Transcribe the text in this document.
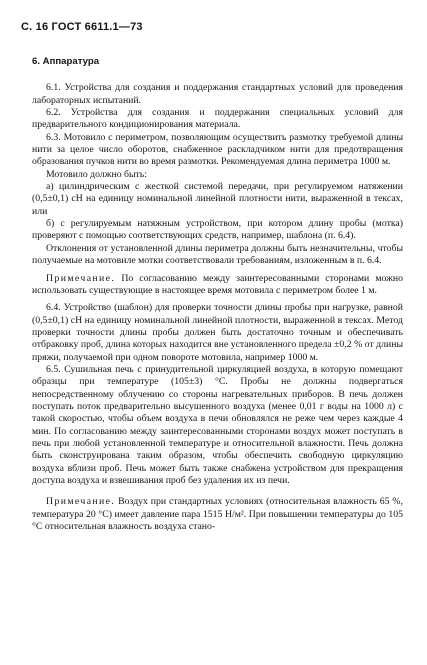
С. 16 ГОСТ 6611.1—73

6. Аппаратура

6.1. Устройства для создания и поддержания стандартных условий для проведения лабораторных испытаний.

6.2. Устройства для создания и поддержания специальных условий для предварительного кондиционирования материала.

6.3. Мотовило с периметром, позволяющим осуществить размотку требуемой длины нити за целое число оборотов, снабженное раскладчиком нити для предотвращения образования пучков нити во время размотки. Рекомендуемая длина периметра 1000 м.

Мотовило должно быть:

а) цилиндрическим с жесткой системой передачи, при регулируемом натяжении (0,5±0,1) сН на единицу номинальной линейной плотности нити, выраженной в тексах, или

б) с регулируемым натяжным устройством, при котором длину пробы (мотка) проверяют с помощью соответствующих средств, например, шаблона (п. 6.4).

Отклонения от установленной длины периметра должны быть незначительны, чтобы получаемые на мотовиле мотки соответствовали требованиям, изложенным в п. 6.4.

Примечание. По согласованию между заинтересованными сторонами можно использовать существующие в настоящее время мотовила с периметром более 1 м.

6.4. Устройство (шаблон) для проверки точности длины пробы при нагрузке, равной (0,5±0,1) сН на единицу номинальной линейной плотности, выраженной в тексах. Метод проверки точности длины пробы должен быть достаточно точным и обеспечивать отбраковку проб, длина которых находится вне установленного предела ±0,2 % от длины пряжи, получаемой при одном повороте мотовила, например 1000 м.

6.5. Сушильная печь с принудительной циркуляцией воздуха, в которую помещают образцы при температуре (105±3) °С. Пробы не должны подвергаться непосредственному облучению со стороны нагревательных приборов. В печь должен поступать поток предварительно высушенного воздуха (менее 0,01 г воды на 1000 л) с такой скоростью, чтобы объем воздуха в печи обновлялся не реже чем через каждые 4 мин. По согласованию между заинтересованными сторонами воздух может поступать в печь при любой установленной температуре и относительной влажности. Печь должна быть сконструирована таким образом, чтобы обеспечить свободную циркуляцию воздуха вблизи проб. Печь может быть также снабжена устройством для прекращения доступа воздуха и взвешивания проб без удаления их из печи.

Примечание. Воздух при стандартных условиях (относительная влажность 65 %, температура 20 °С) имеет давление пара 1515 Н/м². При повышении температуры до 105 °С относительная влажность воздуха стано-
